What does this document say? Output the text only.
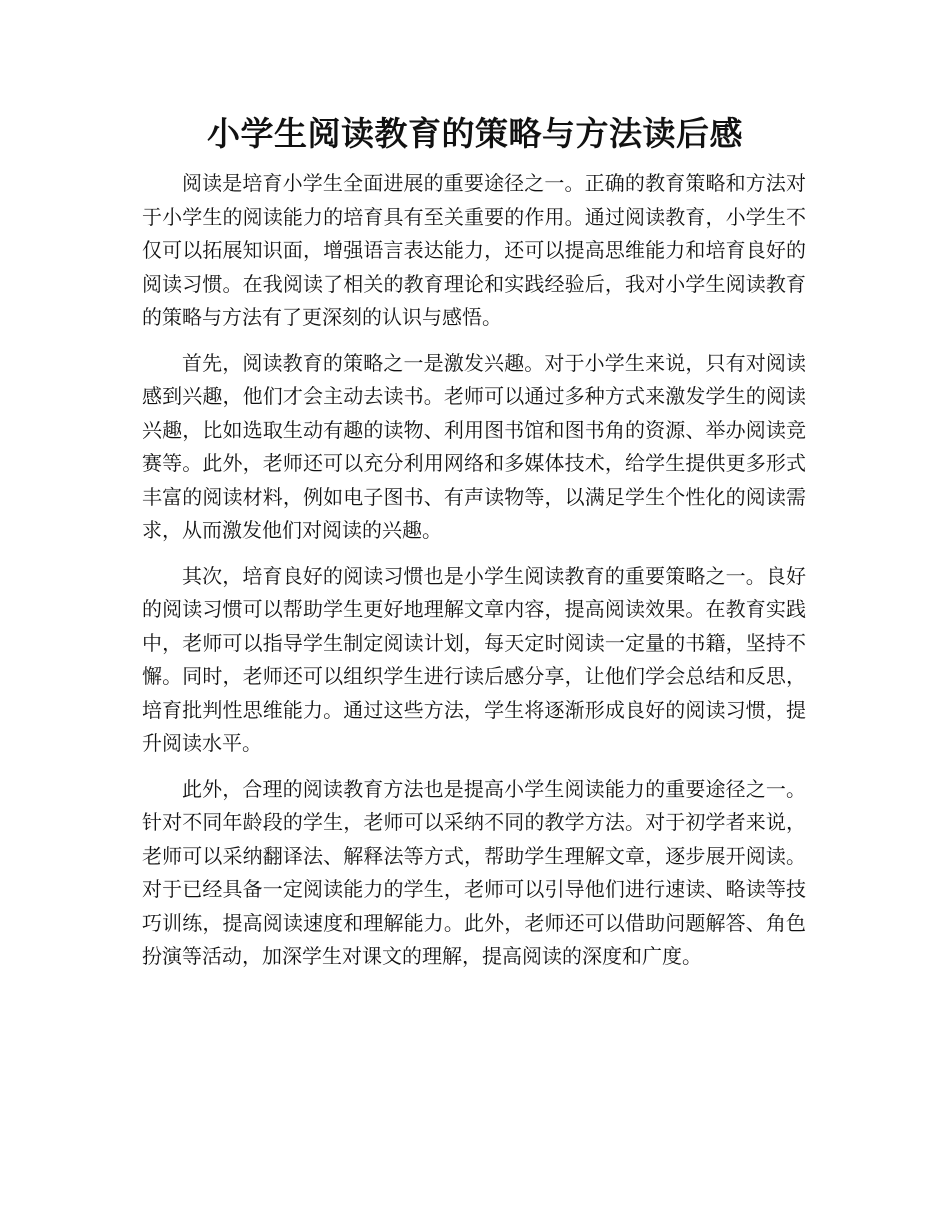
小学生阅读教育的策略与方法读后感

阅读是培育小学生全面进展的重要途径之一。正确的教育策略和方法对于小学生的阅读能力的培育具有至关重要的作用。通过阅读教育，小学生不仅可以拓展知识面，增强语言表达能力，还可以提高思维能力和培育良好的阅读习惯。在我阅读了相关的教育理论和实践经验后，我对小学生阅读教育的策略与方法有了更深刻的认识与感悟。

首先，阅读教育的策略之一是激发兴趣。对于小学生来说，只有对阅读感到兴趣，他们才会主动去读书。老师可以通过多种方式来激发学生的阅读兴趣，比如选取生动有趣的读物、利用图书馆和图书角的资源、举办阅读竞赛等。此外，老师还可以充分利用网络和多媒体技术，给学生提供更多形式丰富的阅读材料，例如电子图书、有声读物等，以满足学生个性化的阅读需求，从而激发他们对阅读的兴趣。

其次，培育良好的阅读习惯也是小学生阅读教育的重要策略之一。良好的阅读习惯可以帮助学生更好地理解文章内容，提高阅读效果。在教育实践中，老师可以指导学生制定阅读计划，每天定时阅读一定量的书籍，坚持不懈。同时，老师还可以组织学生进行读后感分享，让他们学会总结和反思，培育批判性思维能力。通过这些方法，学生将逐渐形成良好的阅读习惯，提升阅读水平。

此外，合理的阅读教育方法也是提高小学生阅读能力的重要途径之一。针对不同年龄段的学生，老师可以采纳不同的教学方法。对于初学者来说，老师可以采纳翻译法、解释法等方式，帮助学生理解文章，逐步展开阅读。对于已经具备一定阅读能力的学生，老师可以引导他们进行速读、略读等技巧训练，提高阅读速度和理解能力。此外，老师还可以借助问题解答、角色扮演等活动，加深学生对课文的理解，提高阅读的深度和广度。
